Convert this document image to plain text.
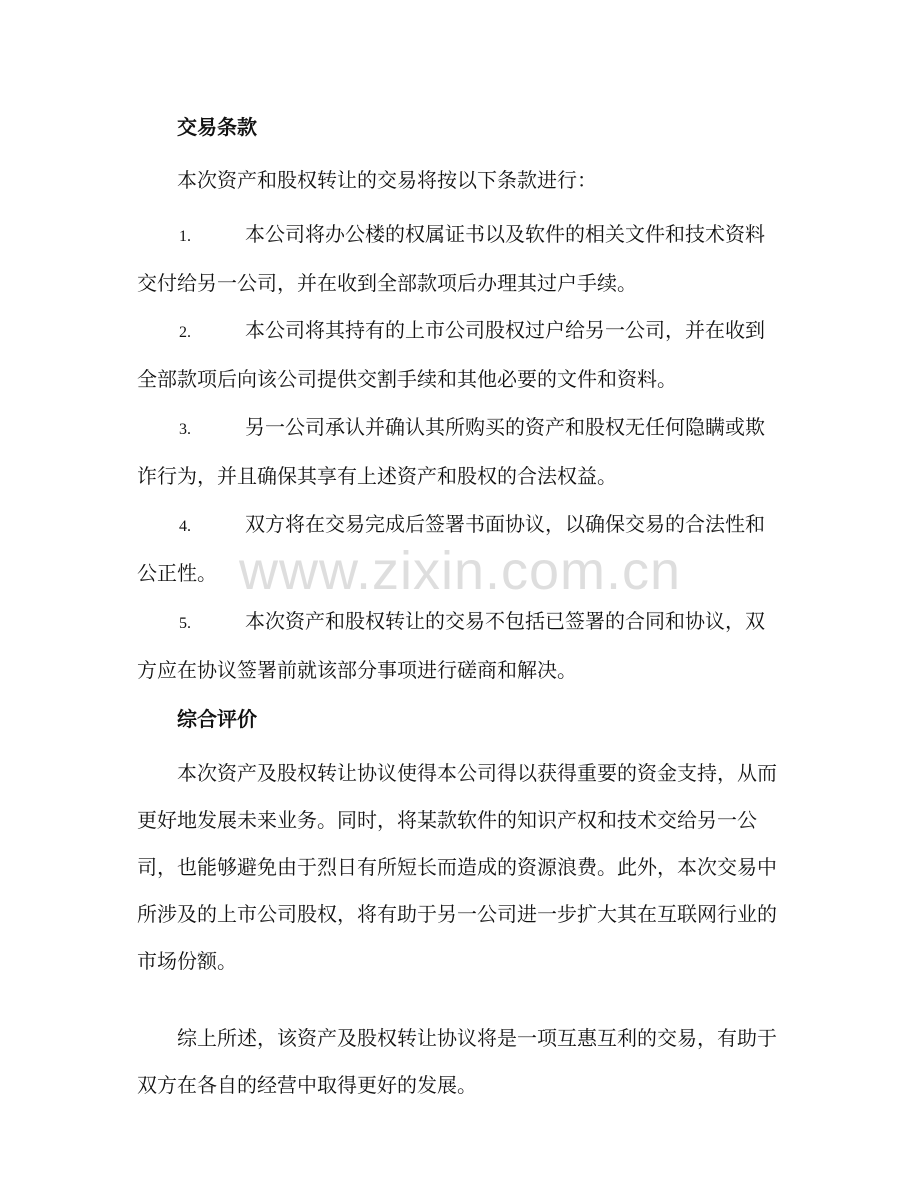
www.zixin.com.cn
交易条款
本次资产和股权转让的交易将按以下条款进行：
1.	本公司将办公楼的权属证书以及软件的相关文件和技术资料交付给另一公司，并在收到全部款项后办理其过户手续。
2.	本公司将其持有的上市公司股权过户给另一公司，并在收到全部款项后向该公司提供交割手续和其他必要的文件和资料。
3.	另一公司承认并确认其所购买的资产和股权无任何隐瞒或欺诈行为，并且确保其享有上述资产和股权的合法权益。
4.	双方将在交易完成后签署书面协议，以确保交易的合法性和公正性。
5.	本次资产和股权转让的交易不包括已签署的合同和协议，双方应在协议签署前就该部分事项进行磋商和解决。
综合评价
本次资产及股权转让协议使得本公司得以获得重要的资金支持，从而更好地发展未来业务。同时，将某款软件的知识产权和技术交给另一公司，也能够避免由于烈日有所短长而造成的资源浪费。此外，本次交易中所涉及的上市公司股权，将有助于另一公司进一步扩大其在互联网行业的市场份额。
综上所述，该资产及股权转让协议将是一项互惠互利的交易，有助于双方在各自的经营中取得更好的发展。
